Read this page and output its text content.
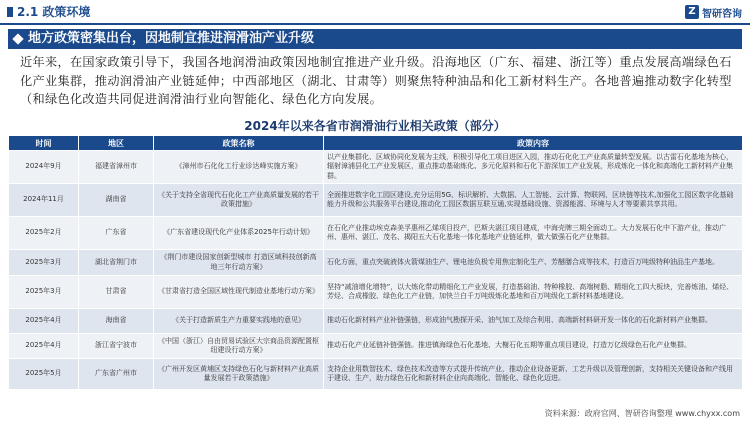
2.1 政策环境	Z 智研咨询
地方政策密集出台，因地制宜推进润滑油产业升级
近年来，在国家政策引导下，我国各地润滑油政策因地制宜推进产业升级。沿海地区（广东、福建、浙江等）重点发展高端绿色石化产业集群，推动润滑油产业链延伸；中西部地区（湖北、甘肃等）则聚焦特种油品和化工新材料生产。各地普遍推动数字化转型（和绿色化改造共同促进润滑油行业向智能化、绿色化方向发展。
2024年以来各省市润滑油行业相关政策（部分）
时间	地区	政策名称	政策内容
2024年9月	福建省漳州市	《漳州市石化化工行业诊达峰实施方案》	以产业集群化、区域协同化发展为主线，积极引导化工项目进区入园，推动石化化工产业高质量转型发展。以古雷石化基地为核心，辐射漳浦县化工产业发展区，重点推动基础炼化、多元化原料和石化下游深加工产业发展，形成炼化一体化和高端化工新材料产业集群。
2024年11月	湖南省	《关于支持全省现代石化化工产业高质量发展的若干政策措施》	全面推进数字化工园区建设,充分运用5G、标识解析、大数据、人工智能、云计算、物联网、区块链等技术,加强化工园区数字化基础能力升级和公共服务平台建设,推动化工园区数据互联互通,实现基础设施、资源能源、环境与人才等要素共享共用。
2025年2月	广东省	《广东省建设现代化产业体系2025年行动计划》	在石化产业推动埃克森美孚惠州乙烯项目投产，巴斯夫湛江项目建成，中海壳牌三期全面动工。大力发展石化中下游产业，推动广州、惠州、湛江、茂名、揭阳五大石化基地一体化基地产业链延伸，做大做强石化产业集群。
2025年3月	湖北省荆门市	《荆门市建设国家创新型城市 打造区域科技创新高地三年行动方案》	石化方面，重点突破液体火箭煤油生产、锂电池负极专用焦定制化生产、芳醚膳合成等技术，打造百万吨级特种油品生产基地。
2025年3月	甘肃省	《甘肃省打造全国区域性现代制造业基地行动方案》	坚持“减油增化增特”，以大炼化带动精细化工产业发展，打造基础油、特种橡胶、高端树脂、精细化工四大板块，完善炼油、烯烃、芳烃、合成橡胶、绿色化工产业链，加快兰白千万吨级炼化基地和百万吨级化工新材料基地建设。
2025年4月	海南省	《关于打造新质生产力重要实践地的意见》	推动石化新材料产业补链强链，形成油气勘探开采、油气加工及综合利用、高端新材料研开发一体化的石化新材料产业集群。
2025年4月	浙江省宁波市	《中国（浙江）自由贸易试验区大宗商品资源配置枢纽建设行动方案》	推动石化产业延链补链强链。推进镇海绿色石化基地、大榭石化五期等重点项目建设，打造万亿级绿色石化产业集群。
2025年5月	广东省广州市	《广州开发区黄埔区支持绿色石化与新材料产业高质量发展若干政策措施》	支持企业用数智技术、绿色技术改造等方式提升传统产业，推动企业设备更新、工艺升级以及管理创新，支持相关关键设备和产线用于建设、生产，助力绿色石化和新材料企业向高端化、智能化、绿色化迈进。
资料来源：政府官网、智研咨询整理 www.chyxx.com
